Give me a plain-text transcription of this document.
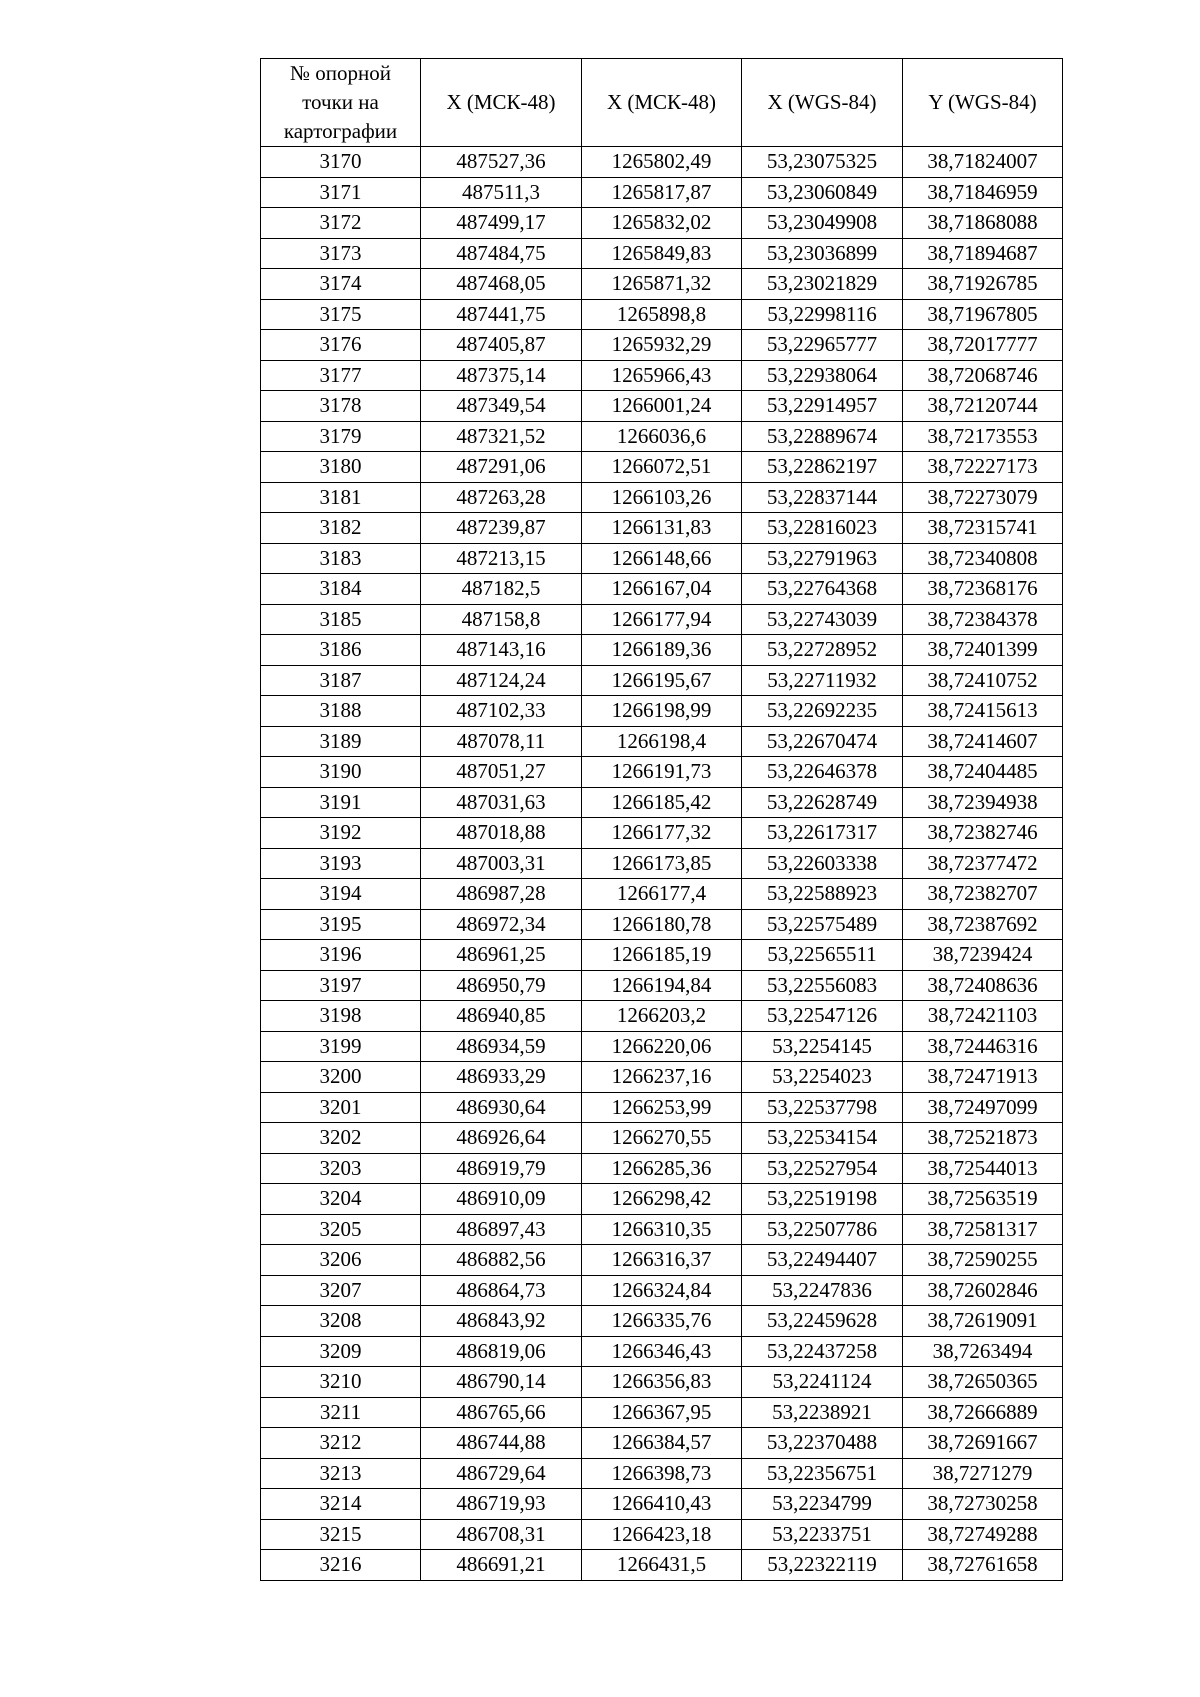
№ опорной
точки на
картографии	X (МСК-48)	X (МСК-48)	X (WGS-84)	Y (WGS-84)
3170	487527,36	1265802,49	53,23075325	38,71824007
3171	487511,3	1265817,87	53,23060849	38,71846959
3172	487499,17	1265832,02	53,23049908	38,71868088
3173	487484,75	1265849,83	53,23036899	38,71894687
3174	487468,05	1265871,32	53,23021829	38,71926785
3175	487441,75	1265898,8	53,22998116	38,71967805
3176	487405,87	1265932,29	53,22965777	38,72017777
3177	487375,14	1265966,43	53,22938064	38,72068746
3178	487349,54	1266001,24	53,22914957	38,72120744
3179	487321,52	1266036,6	53,22889674	38,72173553
3180	487291,06	1266072,51	53,22862197	38,72227173
3181	487263,28	1266103,26	53,22837144	38,72273079
3182	487239,87	1266131,83	53,22816023	38,72315741
3183	487213,15	1266148,66	53,22791963	38,72340808
3184	487182,5	1266167,04	53,22764368	38,72368176
3185	487158,8	1266177,94	53,22743039	38,72384378
3186	487143,16	1266189,36	53,22728952	38,72401399
3187	487124,24	1266195,67	53,22711932	38,72410752
3188	487102,33	1266198,99	53,22692235	38,72415613
3189	487078,11	1266198,4	53,22670474	38,72414607
3190	487051,27	1266191,73	53,22646378	38,72404485
3191	487031,63	1266185,42	53,22628749	38,72394938
3192	487018,88	1266177,32	53,22617317	38,72382746
3193	487003,31	1266173,85	53,22603338	38,72377472
3194	486987,28	1266177,4	53,22588923	38,72382707
3195	486972,34	1266180,78	53,22575489	38,72387692
3196	486961,25	1266185,19	53,22565511	38,7239424
3197	486950,79	1266194,84	53,22556083	38,72408636
3198	486940,85	1266203,2	53,22547126	38,72421103
3199	486934,59	1266220,06	53,2254145	38,72446316
3200	486933,29	1266237,16	53,2254023	38,72471913
3201	486930,64	1266253,99	53,22537798	38,72497099
3202	486926,64	1266270,55	53,22534154	38,72521873
3203	486919,79	1266285,36	53,22527954	38,72544013
3204	486910,09	1266298,42	53,22519198	38,72563519
3205	486897,43	1266310,35	53,22507786	38,72581317
3206	486882,56	1266316,37	53,22494407	38,72590255
3207	486864,73	1266324,84	53,2247836	38,72602846
3208	486843,92	1266335,76	53,22459628	38,72619091
3209	486819,06	1266346,43	53,22437258	38,7263494
3210	486790,14	1266356,83	53,2241124	38,72650365
3211	486765,66	1266367,95	53,2238921	38,72666889
3212	486744,88	1266384,57	53,22370488	38,72691667
3213	486729,64	1266398,73	53,22356751	38,7271279
3214	486719,93	1266410,43	53,2234799	38,72730258
3215	486708,31	1266423,18	53,2233751	38,72749288
3216	486691,21	1266431,5	53,22322119	38,72761658
